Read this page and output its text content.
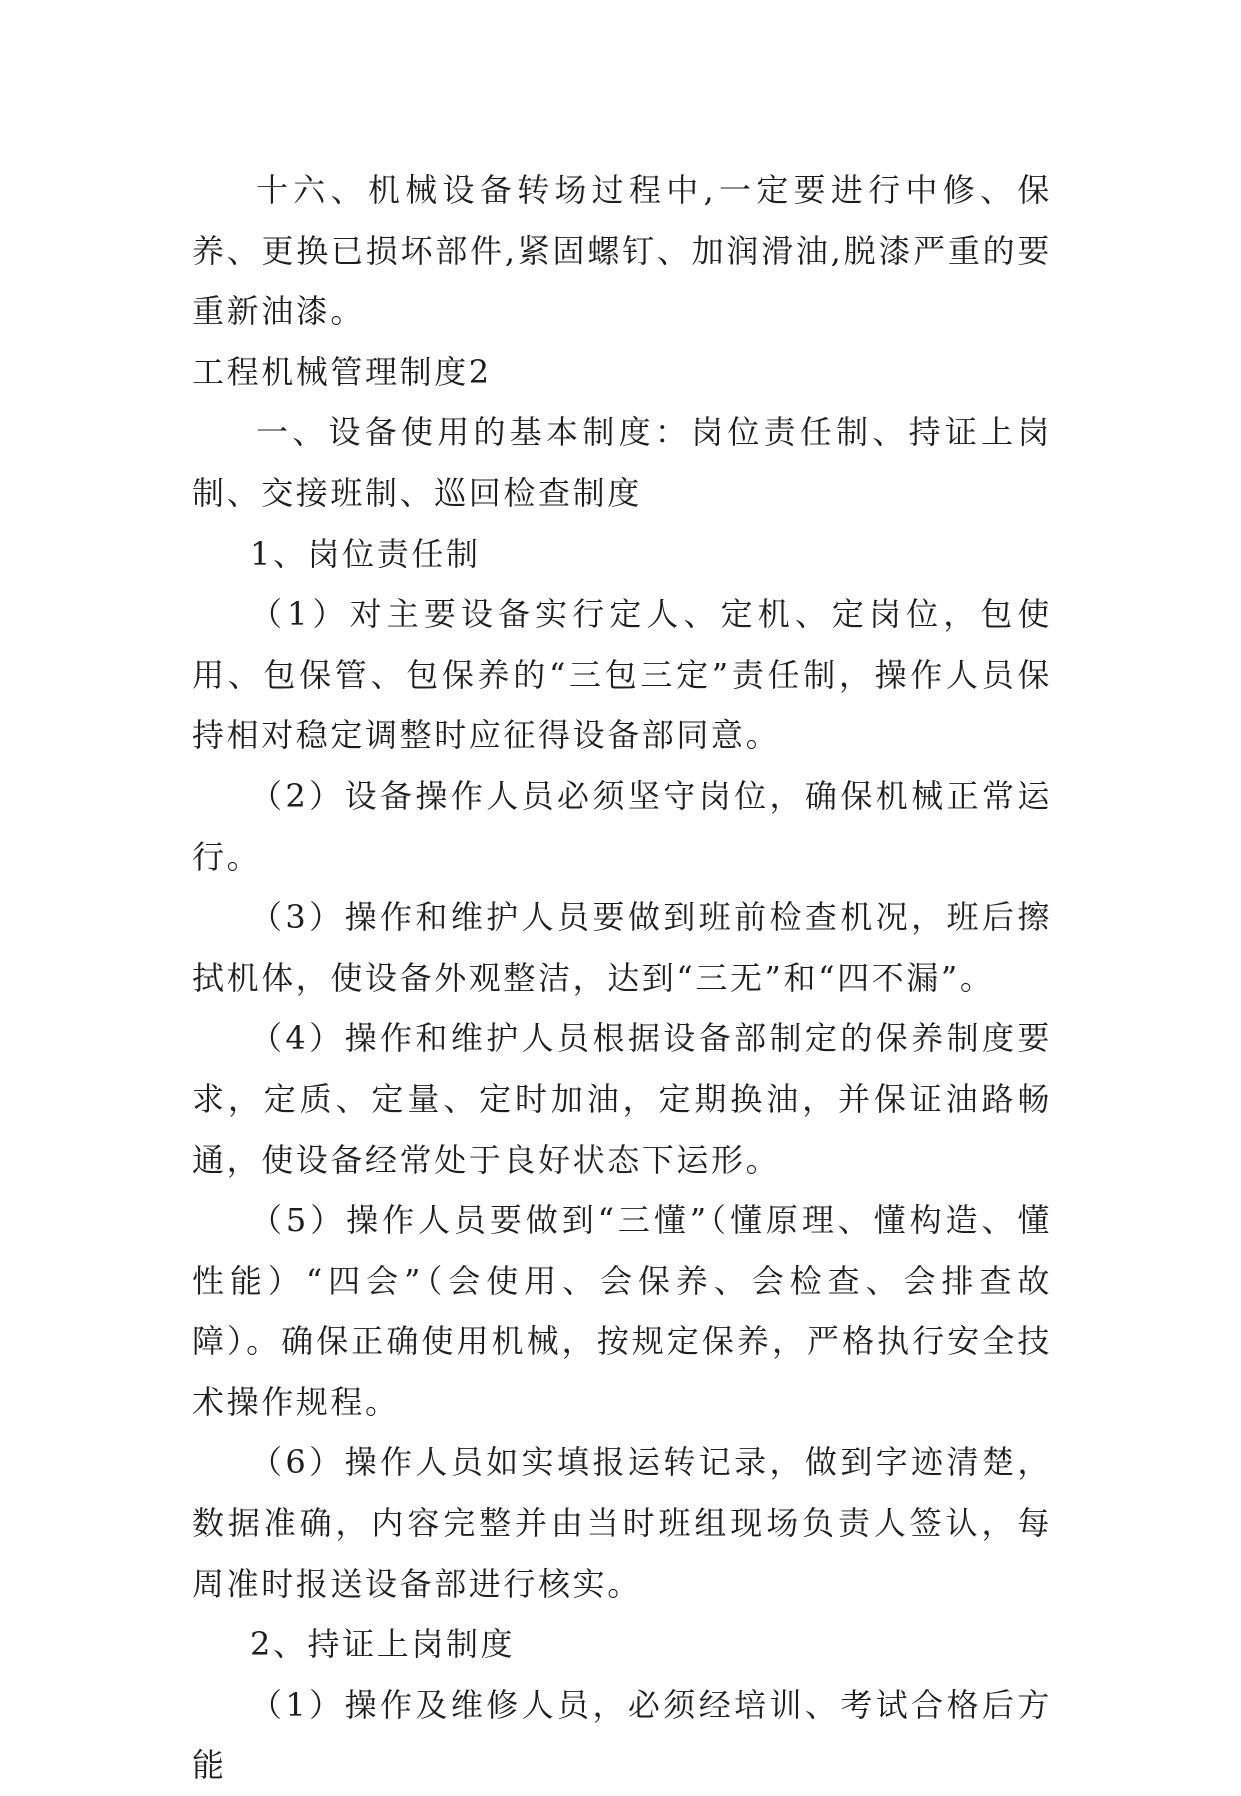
十六、机械设备转场过程中,一定要进行中修、保养、更换已损坏部件,紧固螺钉、加润滑油,脱漆严重的要重新油漆。

工程机械管理制度2

一、设备使用的基本制度：岗位责任制、持证上岗制、交接班制、巡回检查制度

1、岗位责任制

（1）对主要设备实行定人、定机、定岗位，包使用、包保管、包保养的“三包三定”责任制，操作人员保持相对稳定调整时应征得设备部同意。

（2）设备操作人员必须坚守岗位，确保机械正常运行。

（3）操作和维护人员要做到班前检查机况，班后擦拭机体，使设备外观整洁，达到“三无”和“四不漏”。

（4）操作和维护人员根据设备部制定的保养制度要求，定质、定量、定时加油，定期换油，并保证油路畅通，使设备经常处于良好状态下运形。

（5）操作人员要做到“三懂”（懂原理、懂构造、懂性能）“四会”（会使用、会保养、会检查、会排查故障）。确保正确使用机械，按规定保养，严格执行安全技术操作规程。

（6）操作人员如实填报运转记录，做到字迹清楚，数据准确，内容完整并由当时班组现场负责人签认，每周准时报送设备部进行核实。

2、持证上岗制度

（1）操作及维修人员，必须经培训、考试合格后方能
